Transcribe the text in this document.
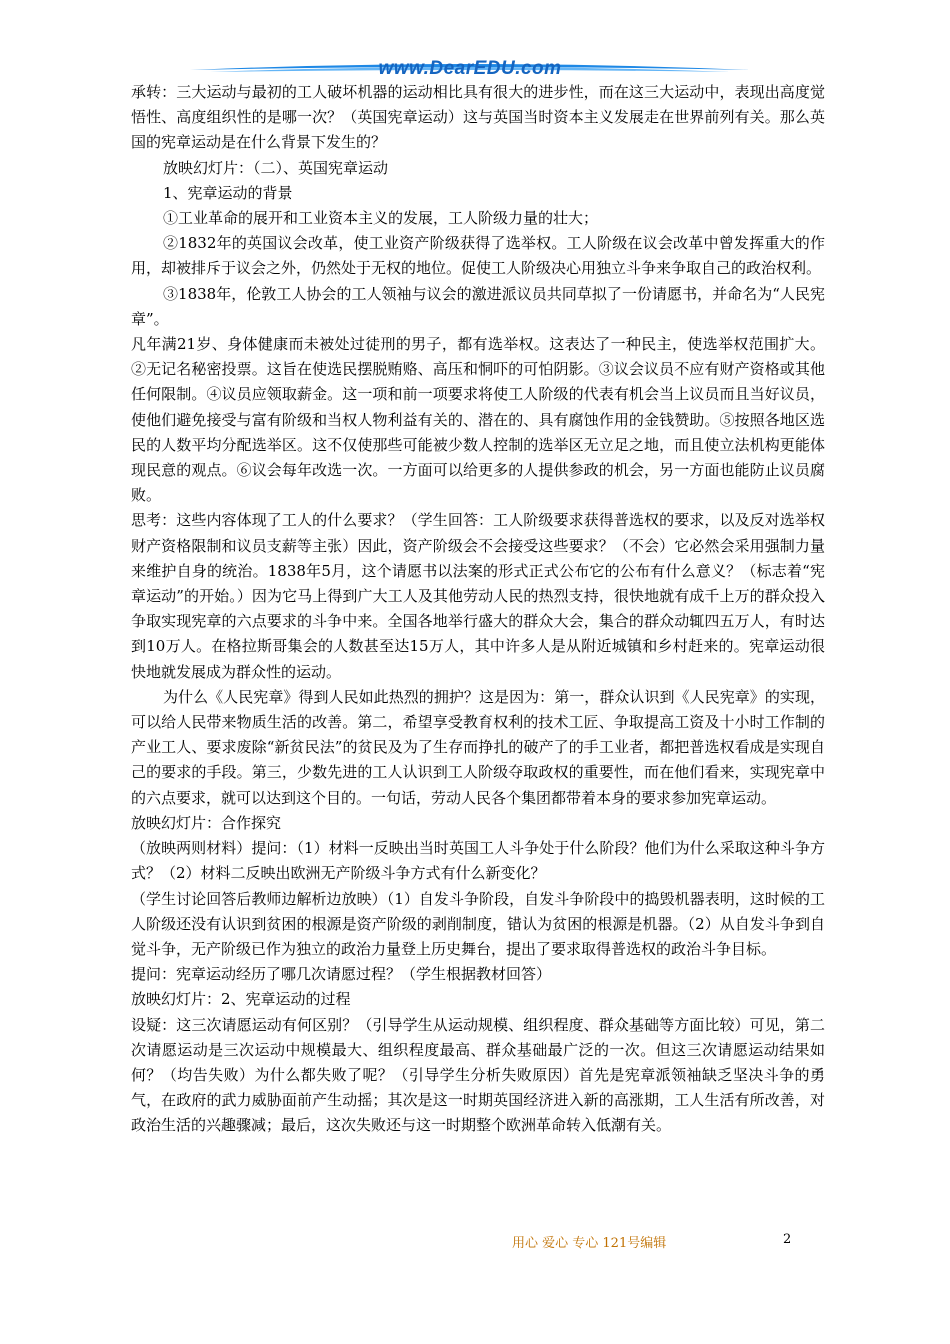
www.DearEDU.com

承转：三大运动与最初的工人破坏机器的运动相比具有很大的进步性，而在这三大运动中，表现出高度觉悟性、高度组织性的是哪一次？（英国宪章运动）这与英国当时资本主义发展走在世界前列有关。那么英国的宪章运动是在什么背景下发生的？

放映幻灯片：（二）、英国宪章运动

1、宪章运动的背景

①工业革命的展开和工业资本主义的发展，工人阶级力量的壮大；

②1832年的英国议会改革，使工业资产阶级获得了选举权。工人阶级在议会改革中曾发挥重大的作用，却被排斥于议会之外，仍然处于无权的地位。促使工人阶级决心用独立斗争来争取自己的政治权利。

③1838年，伦敦工人协会的工人领袖与议会的激进派议员共同草拟了一份请愿书，并命名为“人民宪章”。

凡年满21岁、身体健康而未被处过徒刑的男子，都有选举权。这表达了一种民主，使选举权范围扩大。②无记名秘密投票。这旨在使选民摆脱贿赂、高压和恫吓的可怕阴影。③议会议员不应有财产资格或其他任何限制。④议员应领取薪金。这一项和前一项要求将使工人阶级的代表有机会当上议员而且当好议员，使他们避免接受与富有阶级和当权人物利益有关的、潜在的、具有腐蚀作用的金钱赞助。⑤按照各地区选民的人数平均分配选举区。这不仅使那些可能被少数人控制的选举区无立足之地，而且使立法机构更能体现民意的观点。⑥议会每年改选一次。一方面可以给更多的人提供参政的机会，另一方面也能防止议员腐败。

思考：这些内容体现了工人的什么要求？（学生回答：工人阶级要求获得普选权的要求，以及反对选举权财产资格限制和议员支薪等主张）因此，资产阶级会不会接受这些要求？（不会）它必然会采用强制力量来维护自身的统治。1838年5月，这个请愿书以法案的形式正式公布它的公布有什么意义？（标志着“宪章运动”的开始。）因为它马上得到广大工人及其他劳动人民的热烈支持，很快地就有成千上万的群众投入争取实现宪章的六点要求的斗争中来。全国各地举行盛大的群众大会，集合的群众动辄四五万人，有时达到10万人。在格拉斯哥集会的人数甚至达15万人，其中许多人是从附近城镇和乡村赶来的。宪章运动很快地就发展成为群众性的运动。

为什么《人民宪章》得到人民如此热烈的拥护？这是因为：第一，群众认识到《人民宪章》的实现，可以给人民带来物质生活的改善。第二，希望享受教育权利的技术工匠、争取提高工资及十小时工作制的产业工人、要求废除“新贫民法”的贫民及为了生存而挣扎的破产了的手工业者，都把普选权看成是实现自己的要求的手段。第三，少数先进的工人认识到工人阶级夺取政权的重要性，而在他们看来，实现宪章中的六点要求，就可以达到这个目的。一句话，劳动人民各个集团都带着本身的要求参加宪章运动。

放映幻灯片：合作探究

（放映两则材料）提问：（1）材料一反映出当时英国工人斗争处于什么阶段？他们为什么采取这种斗争方式？（2）材料二反映出欧洲无产阶级斗争方式有什么新变化？

（学生讨论回答后教师边解析边放映）（1）自发斗争阶段，自发斗争阶段中的捣毁机器表明，这时候的工人阶级还没有认识到贫困的根源是资产阶级的剥削制度，错认为贫困的根源是机器。（2）从自发斗争到自觉斗争，无产阶级已作为独立的政治力量登上历史舞台，提出了要求取得普选权的政治斗争目标。

提问：宪章运动经历了哪几次请愿过程？（学生根据教材回答）

放映幻灯片：2、宪章运动的过程

设疑：这三次请愿运动有何区别？（引导学生从运动规模、组织程度、群众基础等方面比较）可见，第二次请愿运动是三次运动中规模最大、组织程度最高、群众基础最广泛的一次。但这三次请愿运动结果如何？（均告失败）为什么都失败了呢？（引导学生分析失败原因）首先是宪章派领袖缺乏坚决斗争的勇气，在政府的武力威胁面前产生动摇；其次是这一时期英国经济进入新的高涨期，工人生活有所改善，对政治生活的兴趣骤减；最后，这次失败还与这一时期整个欧洲革命转入低潮有关。

用心 爱心 专心 121号编辑	2
